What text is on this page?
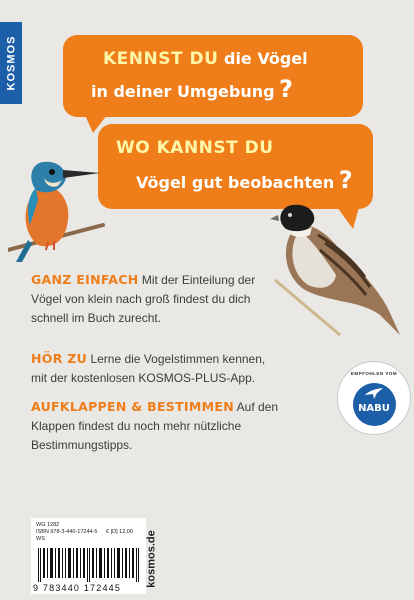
KOSMOS	KENNST DU die Vögel
in deiner Umgebung ?
WO KANNST DU
Vögel gut beobachten ?
GANZ EINFACH Mit der Einteilung der Vögel von klein nach groß findest du dich schnell im Buch zurecht.
HÖR ZU Lerne die Vogelstimmen kennen, mit der kostenlosen KOSMOS-PLUS-App.
AUFKLAPPEN & BESTIMMEN Auf den Klappen findest du noch mehr nützliche Bestimmungstipps.
EMPFOHLEN VOM
NABU
WG 1282
ISBN 978-3-440-17244-5
WS
€ [D] 12,00
9 783440 172445
kosmos.de
